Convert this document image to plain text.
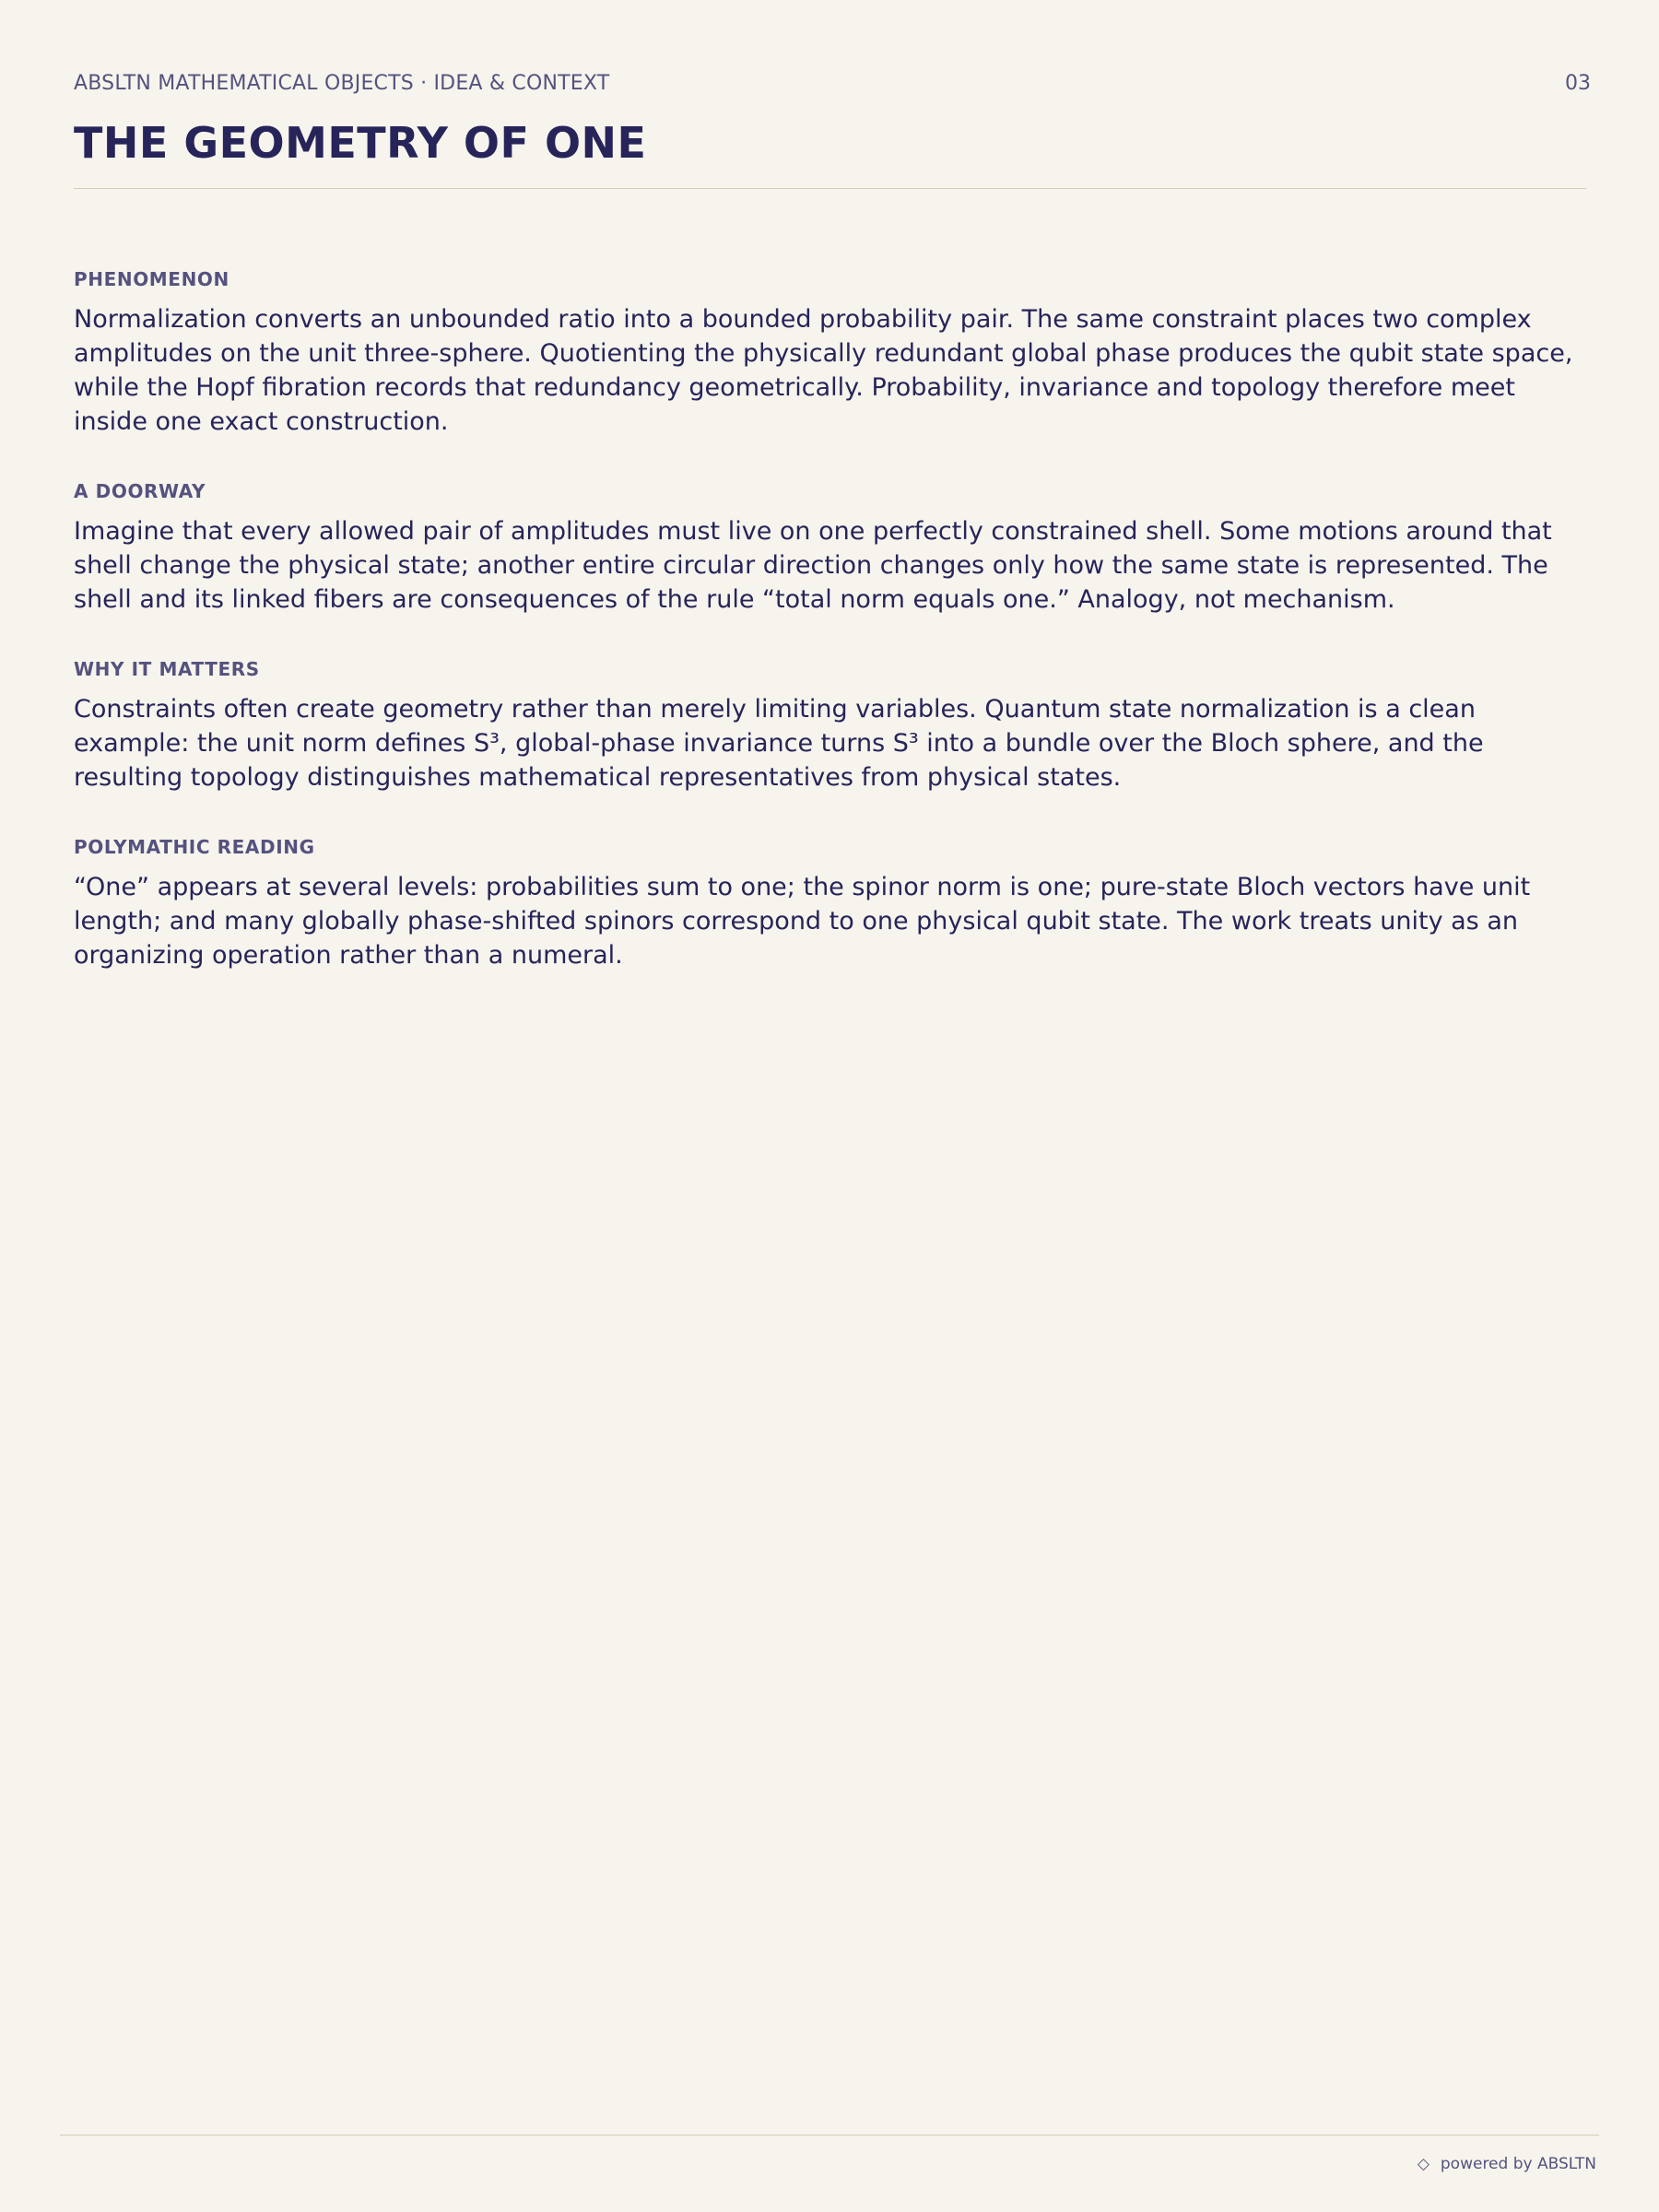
ABSLTN MATHEMATICAL OBJECTS · IDEA & CONTEXT	03
THE GEOMETRY OF ONE
PHENOMENON

Normalization converts an unbounded ratio into a bounded probability pair. The same constraint places two complex amplitudes on the unit three-sphere. Quotienting the physically redundant global phase produces the qubit state space, while the Hopf fibration records that redundancy geometrically. Probability, invariance and topology therefore meet inside one exact construction.

A DOORWAY

Imagine that every allowed pair of amplitudes must live on one perfectly constrained shell. Some motions around that shell change the physical state; another entire circular direction changes only how the same state is represented. The shell and its linked fibers are consequences of the rule “total norm equals one.” Analogy, not mechanism.

WHY IT MATTERS

Constraints often create geometry rather than merely limiting variables. Quantum state normalization is a clean example: the unit norm defines S³, global-phase invariance turns S³ into a bundle over the Bloch sphere, and the resulting topology distinguishes mathematical representatives from physical states.

POLYMATHIC READING

“One” appears at several levels: probabilities sum to one; the spinor norm is one; pure-state Bloch vectors have unit length; and many globally phase-shifted spinors correspond to one physical qubit state. The work treats unity as an organizing operation rather than a numeral.

◇ powered by ABSLTN
